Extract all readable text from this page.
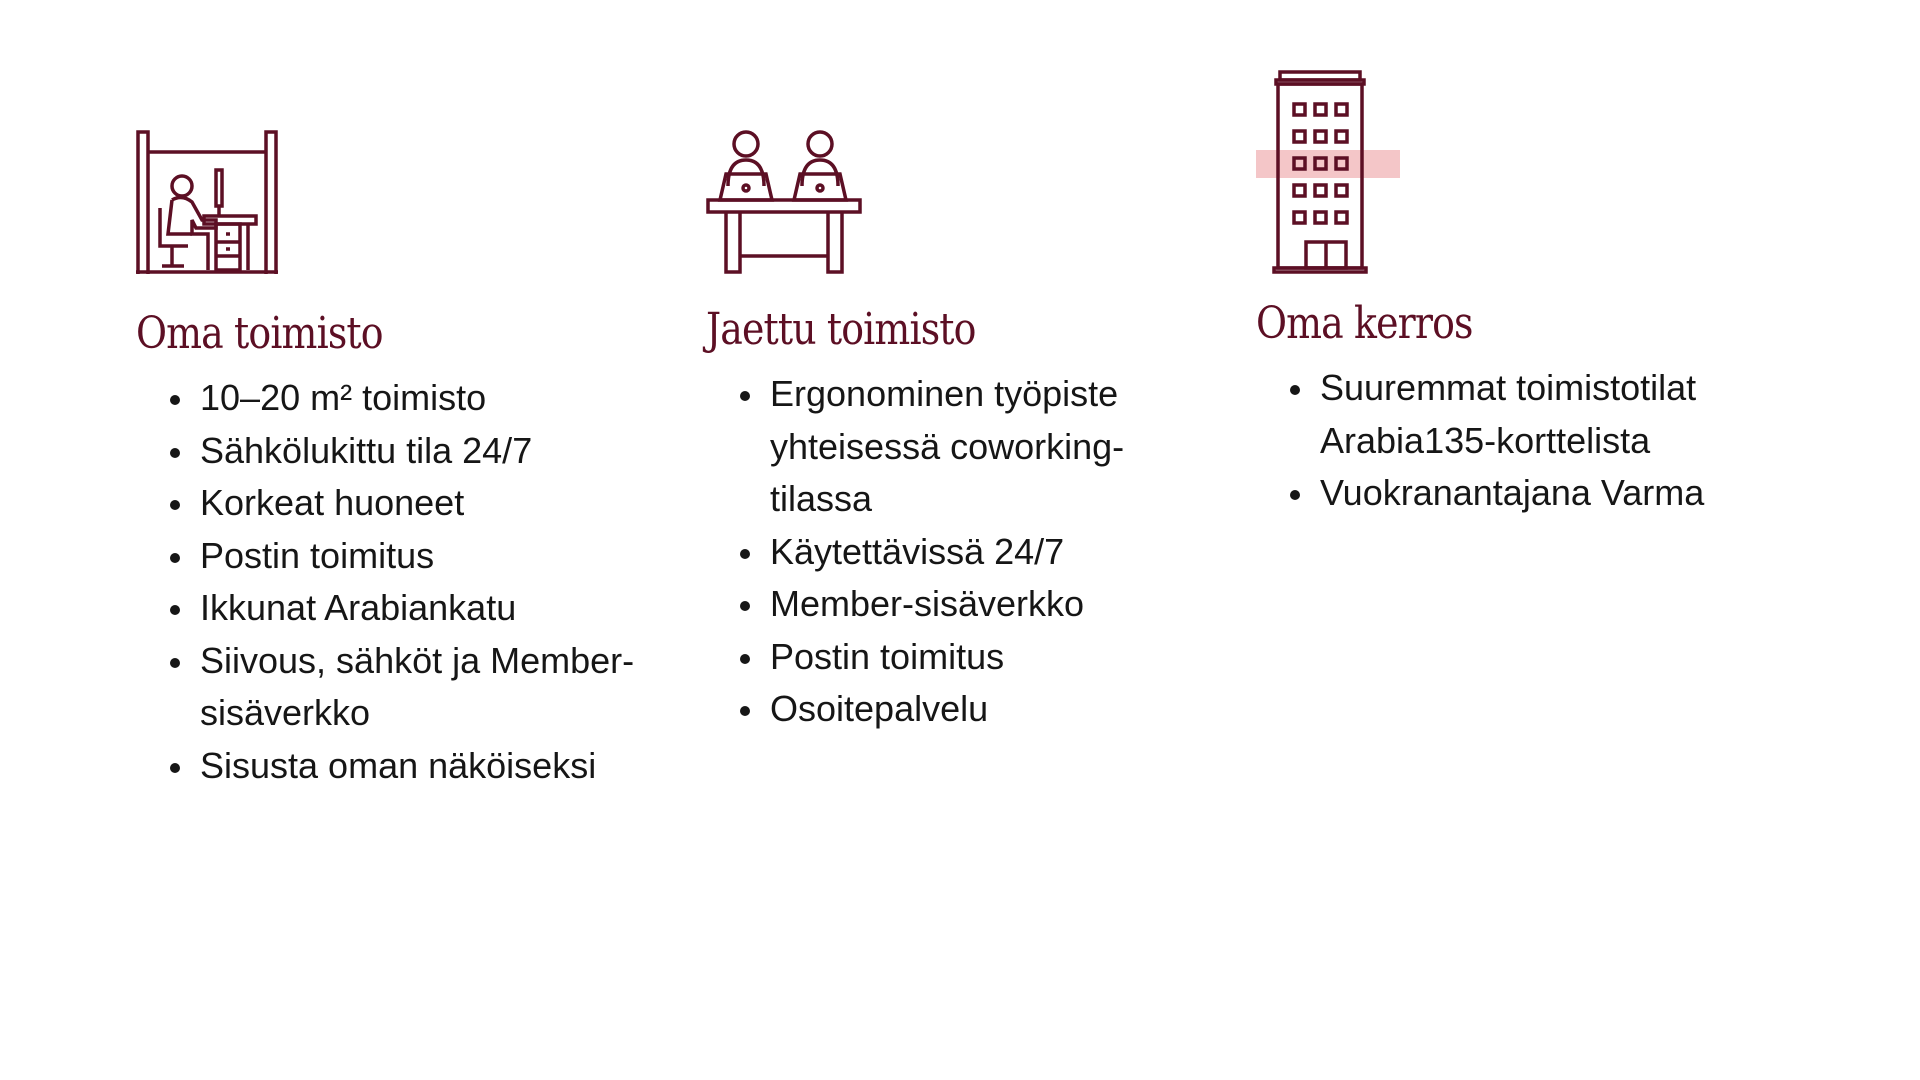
Oma toimisto
10–20 m² toimisto
Sähkölukittu tila 24/7
Korkeat huoneet
Postin toimitus
Ikkunat Arabiankatu
Siivous, sähköt ja Member-sisäverkko
Sisusta oman näköiseksi
Jaettu toimisto
Ergonominen työpiste yhteisessä coworking-tilassa
Käytettävissä 24/7
Member-sisäverkko
Postin toimitus
Osoitepalvelu
Oma kerros
Suuremmat toimistotilat Arabia135-korttelista
Vuokranantajana Varma
